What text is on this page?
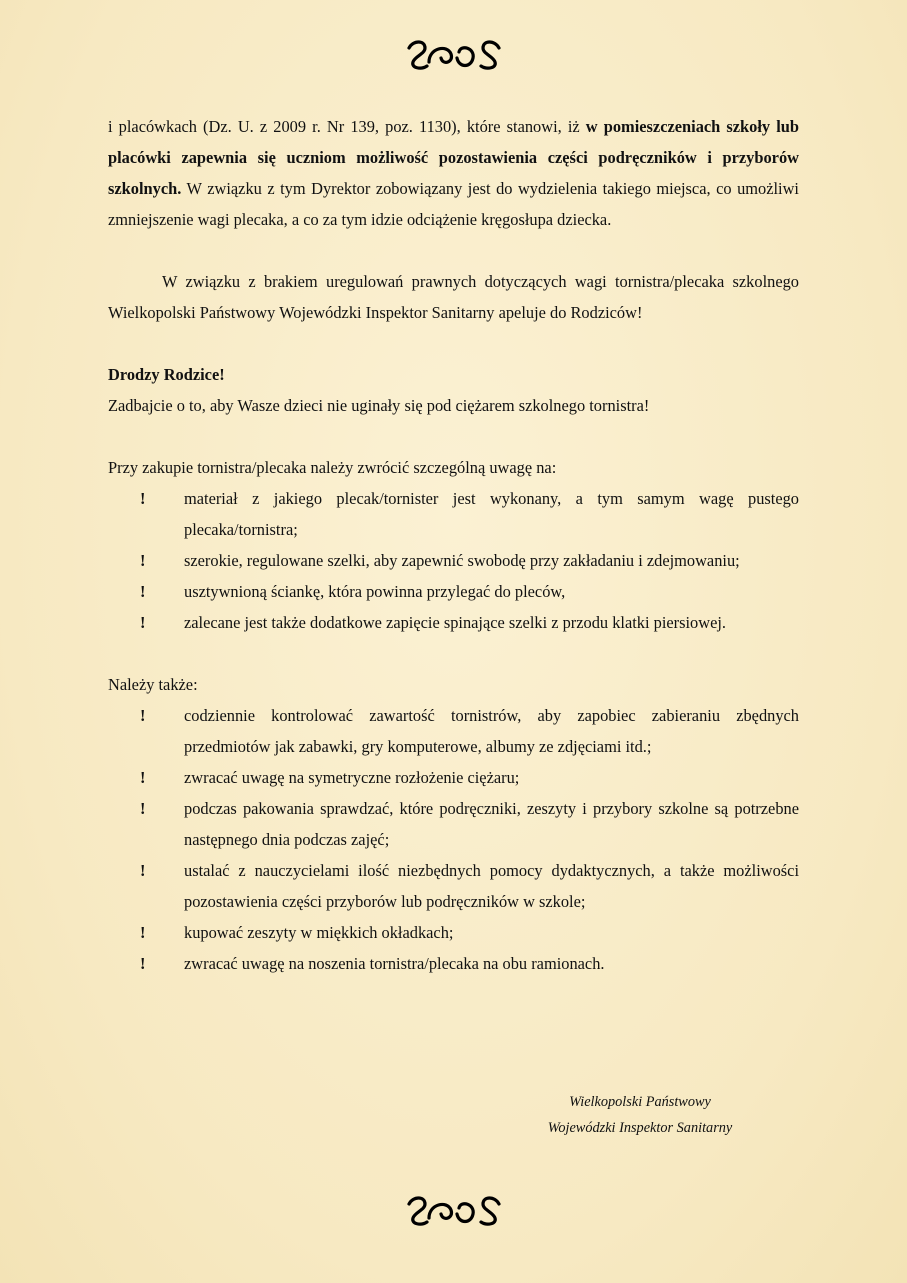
i placówkach (Dz. U. z 2009 r. Nr 139, poz. 1130), które stanowi, iż w pomieszczeniach szkoły lub placówki zapewnia się uczniom możliwość pozostawienia części podręczników i przyborów szkolnych. W związku z tym Dyrektor zobowiązany jest do wydzielenia takiego miejsca, co umożliwi zmniejszenie wagi plecaka, a co za tym idzie odciążenie kręgosłupa dziecka.

W związku z brakiem uregulowań prawnych dotyczących wagi tornistra/plecaka szkolnego Wielkopolski Państwowy Wojewódzki Inspektor Sanitarny apeluje do Rodziców!

Drodzy Rodzice!

Zadbajcie o to, aby Wasze dzieci nie uginały się pod ciężarem szkolnego tornistra!

Przy zakupie tornistra/plecaka należy zwrócić szczególną uwagę na:

! materiał z jakiego plecak/tornister jest wykonany, a tym samym wagę pustego plecaka/tornistra;
! szerokie, regulowane szelki, aby zapewnić swobodę przy zakładaniu i zdejmowaniu;
! usztywnioną ściankę, która powinna przylegać do pleców,
! zalecane jest także dodatkowe zapięcie spinające szelki z przodu klatki piersiowej.

Należy także:

! codziennie kontrolować zawartość tornistrów, aby zapobiec zabieraniu zbędnych przedmiotów jak zabawki, gry komputerowe, albumy ze zdjęciami itd.;
! zwracać uwagę na symetryczne rozłożenie ciężaru;
! podczas pakowania sprawdzać, które podręczniki, zeszyty i przybory szkolne są potrzebne następnego dnia podczas zajęć;
! ustalać z nauczycielami ilość niezbędnych pomocy dydaktycznych, a także możliwości pozostawienia części przyborów lub podręczników w szkole;
! kupować zeszyty w miękkich okładkach;
! zwracać uwagę na noszenia tornistra/plecaka na obu ramionach.
Wielkopolski Państwowy
Wojewódzki Inspektor Sanitarny
